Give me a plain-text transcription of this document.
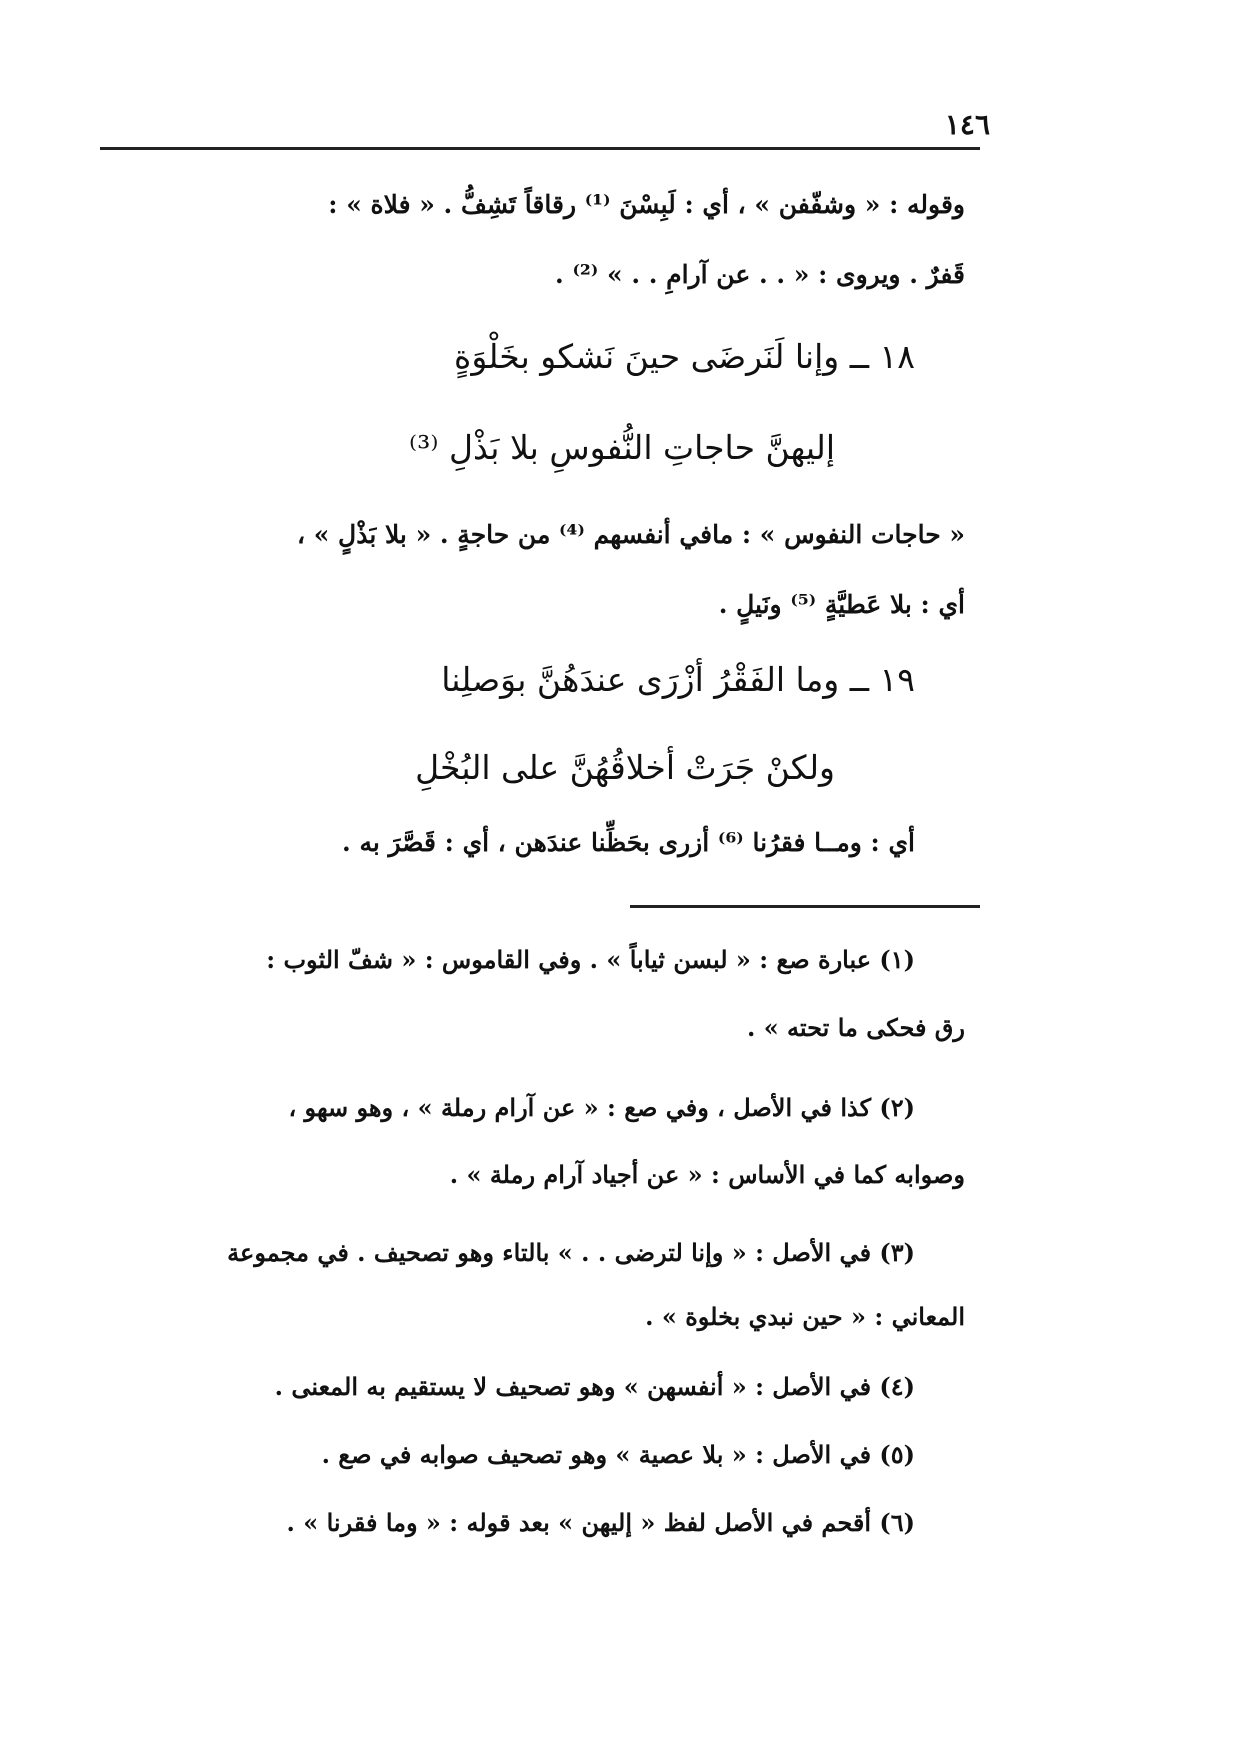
١٤٦
وقوله : « وشفّفن » ، أي : لَبِسْنَ ⁽¹⁾ رقاقاً تَشِفُّ . « فلاة » :
قَفرٌ . ويروى : « . . عن آرامِ . . » ⁽²⁾ .
١٨ ــ وإنا لَنَرضَى حينَ نَشكو بخَلْوَةٍ
إليهنَّ حاجاتِ النُّفوسِ بلا بَذْلِ ⁽³⁾
« حاجات النفوس » : مافي أنفسهم ⁽⁴⁾ من حاجةٍ . « بلا بَذْلٍ » ،
أي : بلا عَطيَّةٍ ⁽⁵⁾ ونَيلٍ .
١٩ ــ وما الفَقْرُ أزْرَى عندَهُنَّ بوَصلِنا
ولكنْ جَرَتْ أخلاقُهُنَّ على البُخْلِ
أي : ومــا فقرُنا ⁽⁶⁾ أزرى بحَظِّنا عندَهن ، أي : قَصَّرَ به .
(١) عبارة صع : « لبسن ثياباً » . وفي القاموس : « شفّ الثوب :
رق فحكى ما تحته » .
(٢) كذا في الأصل ، وفي صع : « عن آرام رملة » ، وهو سهو ،
وصوابه كما في الأساس : « عن أجياد آرام رملة » .
(٣) في الأصل : « وإنا لترضى . . » بالتاء وهو تصحيف . في مجموعة
المعاني : « حين نبدي بخلوة » .
(٤) في الأصل : « أنفسهن » وهو تصحيف لا يستقيم به المعنى .
(٥) في الأصل : « بلا عصية » وهو تصحيف صوابه في صع .
(٦) أقحم في الأصل لفظ « إليهن » بعد قوله : « وما فقرنا » .
